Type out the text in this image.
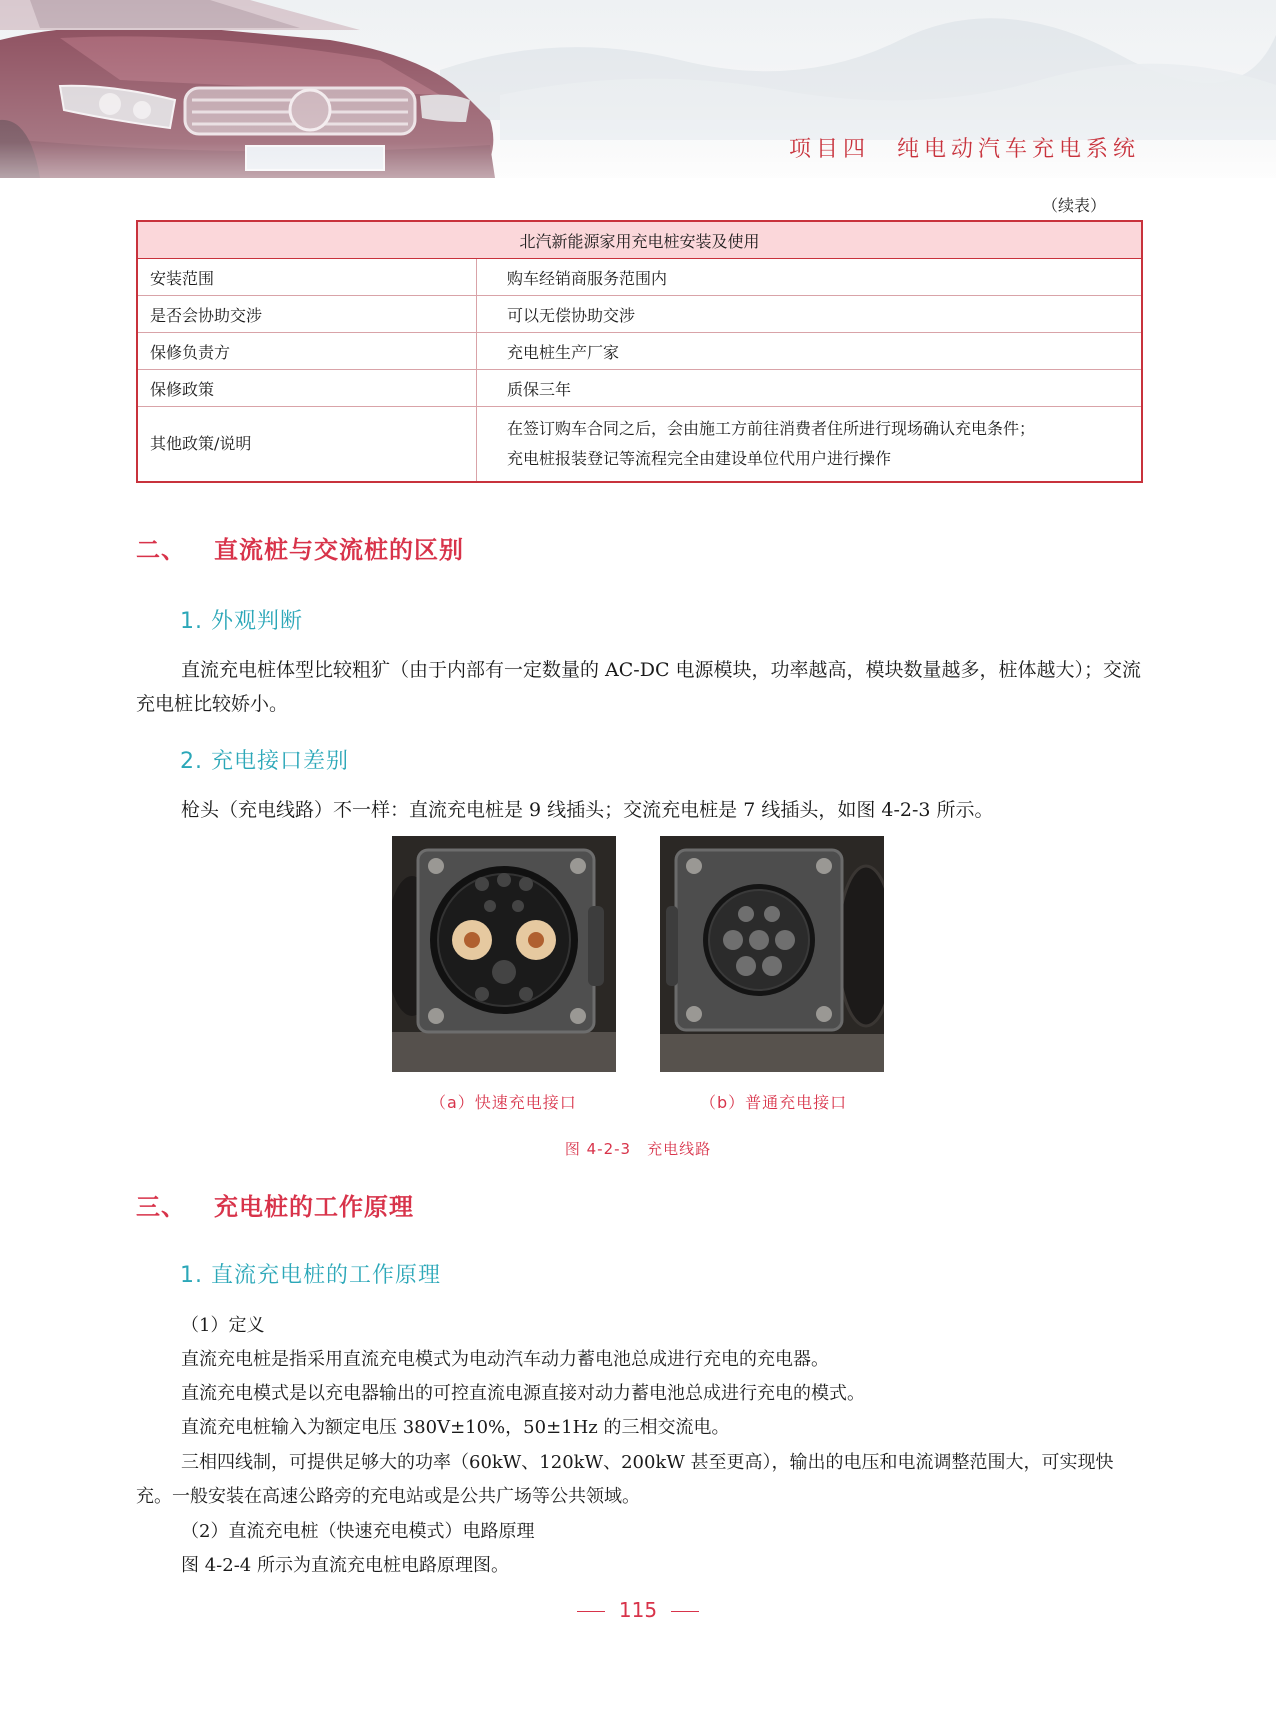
项目四　纯电动汽车充电系统
（续表）
北汽新能源家用充电桩安装及使用	
安装范围	购车经销商服务范围内
是否会协助交涉	可以无偿协助交涉
保修负责方	充电桩生产厂家
保修政策	质保三年
其他政策/说明	在签订购车合同之后，会由施工方前往消费者住所进行现场确认充电条件；
充电桩报装登记等流程完全由建设单位代用户进行操作
二、 直流桩与交流桩的区别
1. 外观判断
直流充电桩体型比较粗犷（由于内部有一定数量的 AC-DC 电源模块，功率越高，模块数量越多，桩体越大）；交流充电桩比较娇小。
2. 充电接口差别
枪头（充电线路）不一样：直流充电桩是 9 线插头；交流充电桩是 7 线插头，如图 4-2-3 所示。
（a）快速充电接口	（b）普通充电接口
图 4-2-3　充电线路
三、 充电桩的工作原理
1. 直流充电桩的工作原理
（1）定义
直流充电桩是指采用直流充电模式为电动汽车动力蓄电池总成进行充电的充电器。
直流充电模式是以充电器输出的可控直流电源直接对动力蓄电池总成进行充电的模式。
直流充电桩输入为额定电压 380V±10%，50±1Hz 的三相交流电。
三相四线制，可提供足够大的功率（60kW、120kW、200kW 甚至更高），输出的电压和电流调整范围大，可实现快充。一般安装在高速公路旁的充电站或是公共广场等公共领域。
（2）直流充电桩（快速充电模式）电路原理
图 4-2-4 所示为直流充电桩电路原理图。
115
